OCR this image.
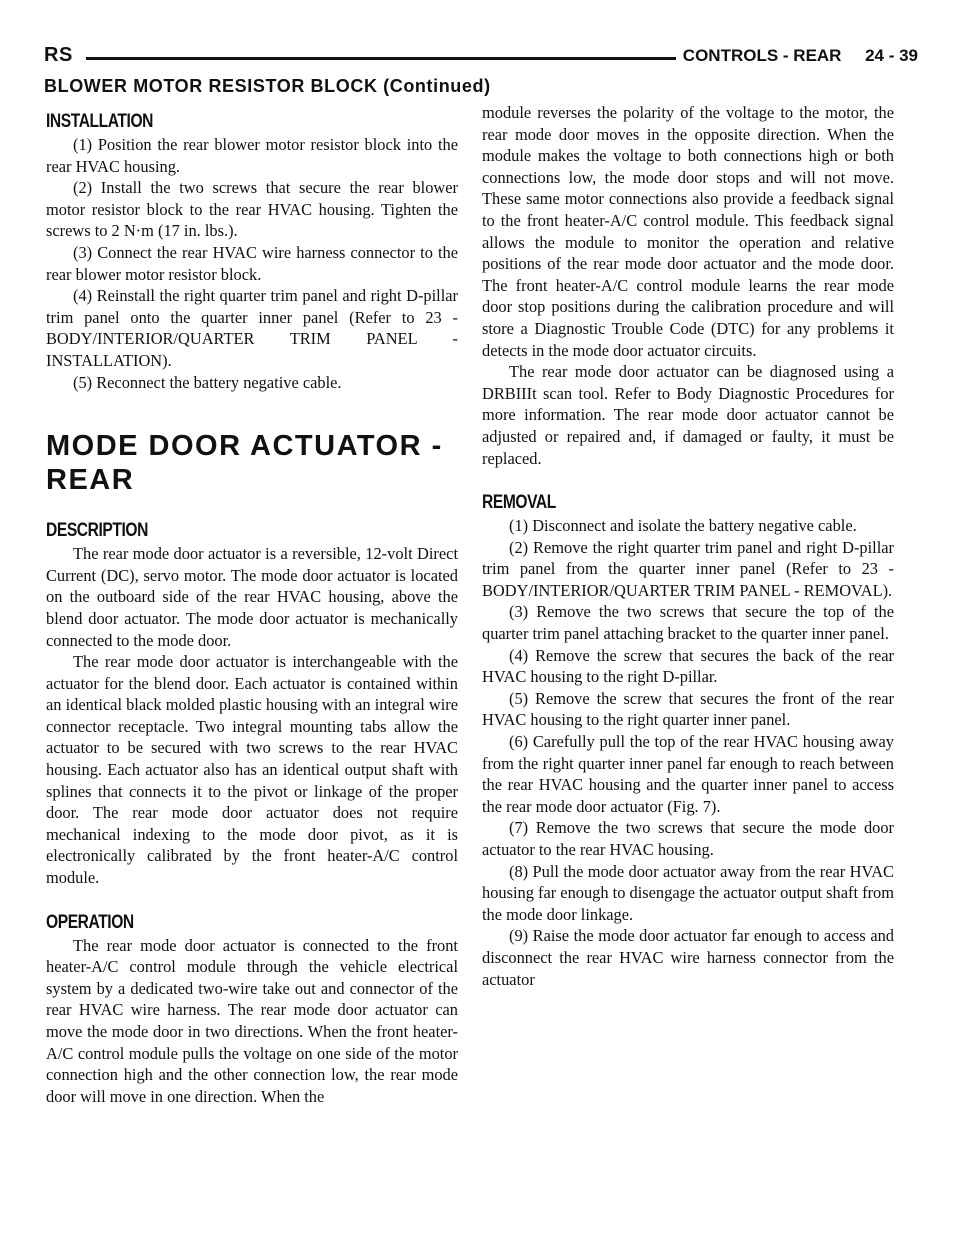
RS	CONTROLS - REAR     24 - 39
BLOWER MOTOR RESISTOR BLOCK (Continued)
INSTALLATION

(1) Position the rear blower motor resistor block into the rear HVAC housing.

(2) Install the two screws that secure the rear blower motor resistor block to the rear HVAC housing. Tighten the screws to 2 N·m (17 in. lbs.).

(3) Connect the rear HVAC wire harness connector to the rear blower motor resistor block.

(4) Reinstall the right quarter trim panel and right D-pillar trim panel onto the quarter inner panel (Refer to 23 - BODY/INTERIOR/QUARTER TRIM PANEL - INSTALLATION).

(5) Reconnect the battery negative cable.

MODE DOOR ACTUATOR -
REAR
DESCRIPTION

The rear mode door actuator is a reversible, 12-volt Direct Current (DC), servo motor. The mode door actuator is located on the outboard side of the rear HVAC housing, above the blend door actuator. The mode door actuator is mechanically connected to the mode door.

The rear mode door actuator is interchangeable with the actuator for the blend door. Each actuator is contained within an identical black molded plastic housing with an integral wire connector receptacle. Two integral mounting tabs allow the actuator to be secured with two screws to the rear HVAC housing. Each actuator also has an identical output shaft with splines that connects it to the pivot or linkage of the proper door. The rear mode door actuator does not require mechanical indexing to the mode door pivot, as it is electronically calibrated by the front heater-A/C control module.

OPERATION

The rear mode door actuator is connected to the front heater-A/C control module through the vehicle electrical system by a dedicated two-wire take out and connector of the rear HVAC wire harness. The rear mode door actuator can move the mode door in two directions. When the front heater-A/C control module pulls the voltage on one side of the motor connection high and the other connection low, the rear mode door will move in one direction. When the

module reverses the polarity of the voltage to the motor, the rear mode door moves in the opposite direction. When the module makes the voltage to both connections high or both connections low, the mode door stops and will not move. These same motor connections also provide a feedback signal to the front heater-A/C control module. This feedback signal allows the module to monitor the operation and relative positions of the rear mode door actuator and the mode door. The front heater-A/C control module learns the rear mode door stop positions during the calibration procedure and will store a Diagnostic Trouble Code (DTC) for any problems it detects in the mode door actuator circuits.

The rear mode door actuator can be diagnosed using a DRBIIIt scan tool. Refer to Body Diagnostic Procedures for more information. The rear mode door actuator cannot be adjusted or repaired and, if damaged or faulty, it must be replaced.

REMOVAL

(1) Disconnect and isolate the battery negative cable.

(2) Remove the right quarter trim panel and right D-pillar trim panel from the quarter inner panel (Refer to 23 - BODY/INTERIOR/QUARTER TRIM PANEL - REMOVAL).

(3) Remove the two screws that secure the top of the quarter trim panel attaching bracket to the quarter inner panel.

(4) Remove the screw that secures the back of the rear HVAC housing to the right D-pillar.

(5) Remove the screw that secures the front of the rear HVAC housing to the right quarter inner panel.

(6) Carefully pull the top of the rear HVAC housing away from the right quarter inner panel far enough to reach between the rear HVAC housing and the quarter inner panel to access the rear mode door actuator (Fig. 7).

(7) Remove the two screws that secure the mode door actuator to the rear HVAC housing.

(8) Pull the mode door actuator away from the rear HVAC housing far enough to disengage the actuator output shaft from the mode door linkage.

(9) Raise the mode door actuator far enough to access and disconnect the rear HVAC wire harness connector from the actuator
